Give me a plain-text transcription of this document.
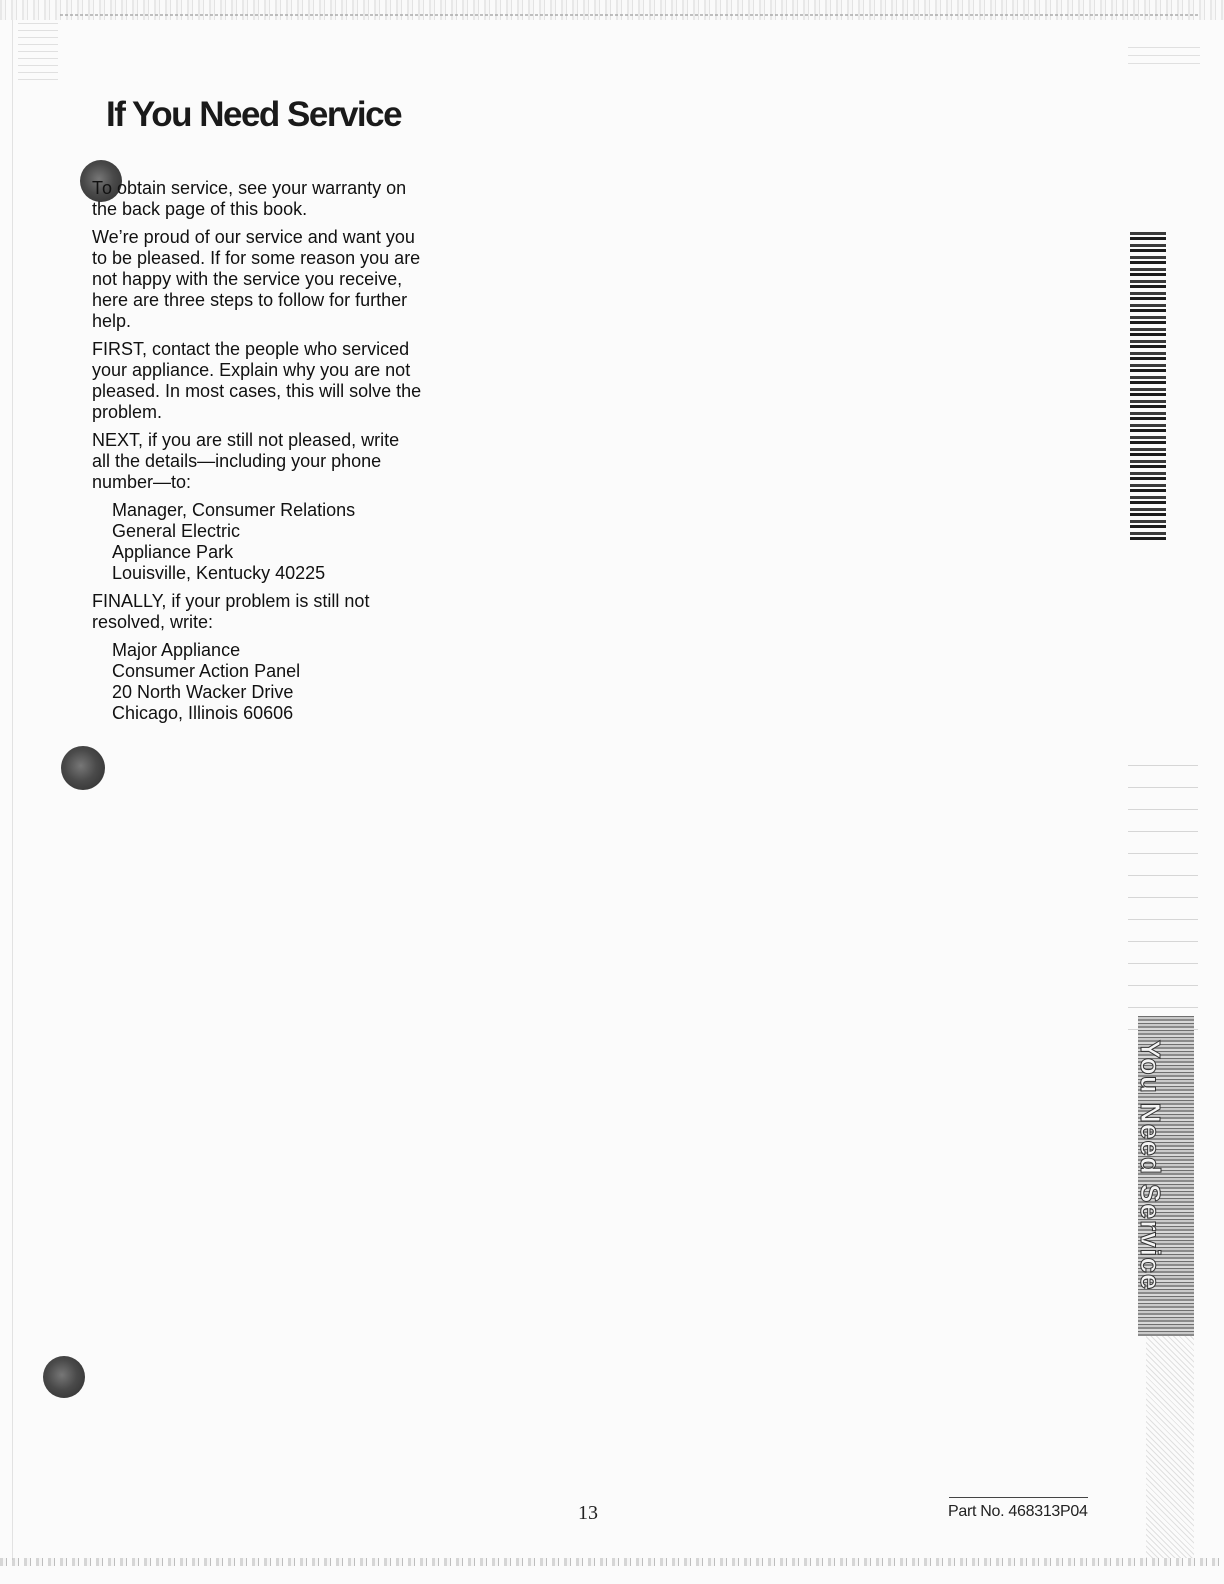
If You Need Service

To obtain service, see your warranty on the back page of this book.

We’re proud of our service and want you to be pleased. If for some reason you are not happy with the service you receive, here are three steps to follow for further help.

FIRST, contact the people who serviced your appliance. Explain why you are not pleased. In most cases, this will solve the problem.

NEXT, if you are still not pleased, write all the details—including your phone number—to:

Manager, Consumer Relations
General Electric
Appliance Park
Louisville, Kentucky 40225

FINALLY, if your problem is still not resolved, write:

Major Appliance
Consumer Action Panel
20 North Wacker Drive
Chicago, Illinois 60606
You Need Service
13	Part No. 468313P04
